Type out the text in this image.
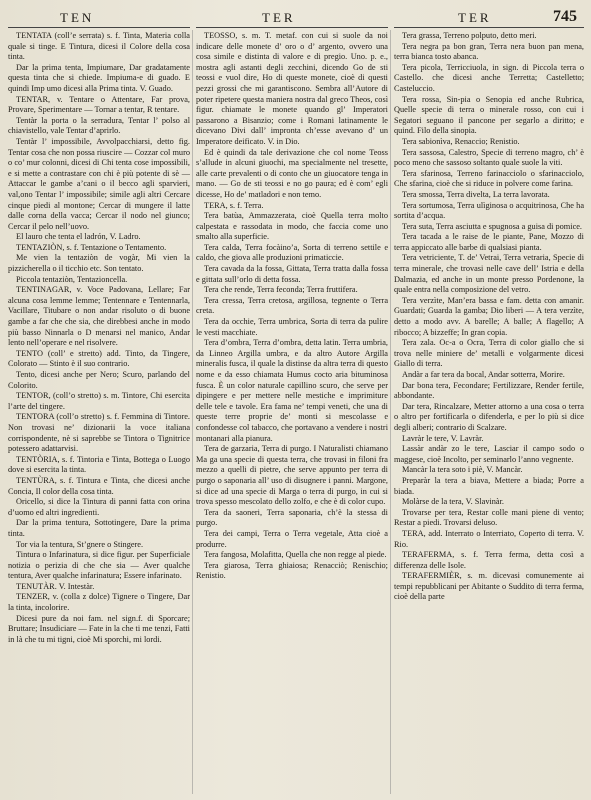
TEN	TER	TER	745

TENTATA (coll’e serrata) s. f. Tinta, Materia colla quale si tinge. E Tintura, dicesi il Colore della cosa tinta.

Dar la prima tenta, Impiumare, Dar gradatamente questa tinta che si chiede. Impiuma-e di guado. E quindi Imp umo dicesi alla Prima tinta. V. Guado.

TENTAR, v. Tentare o Attentare, Far prova, Provare, Sperimentare — Tornar a tentar, R tentare.

Tentàr la porta o la serradura, Tentar l’ polso al chiavistello, vale Tentar d’aprirlo.

Tentàr l’ impossibile, Avvolpacchiarsi, detto fig. Tentar cosa che non possa riuscire — Cozzar col muro o co’ mur colonni, dicesi di Chi tenta cose impossibili, e si mette a contrastare con chi è più potente di sè — Attaccar le gambe a’cani o il becco agli sparvieri, val,ono Tentar l’ impossibile; simile agli altri Cercare cinque piedi al montone; Cercar di mungere il latte dalle corna della vacca; Cercar il nodo nel giunco; Cercar il pelo nell’uovo.

El lauro che tenta el ladrón, V. Ladro.

TENTAZIÒN, s. f. Tentazione o Tentamento.

Me vien la tentaziòn de vogàr, Mi vien la pizzicherella o il ticchio etc. Son tentato.

Piccola tentaziòn, Tentazioncella.

TENTINAGAR, v. Voce Padovana, Lellare; Far alcuna cosa lemme lemme; Tentennare e Tentennarla, Vacillare, Titubare o non andar risoluto o di buone gambe a far che che sia, che direbbesi anche in modo più basso Ninnarla o D menarsi nel manico, Andar lento nell’operare e nel risolvere.

TENTO (coll’ e stretto) add. Tinto, da Tingere, Colorato — Stinto è il suo contrario.

Tento, dicesi anche per Nero; Scuro, parlando del Colorito.

TENTOR, (coll’o stretto) s. m. Tintore, Chi esercita l’arte del tingere.

TENTORA (coll’o stretto) s. f. Femmina di Tintore. Non trovasi ne’ dizionarii la voce italiana corrispondente, nè si saprebbe se Tintora o Tignitrice potessero adattarvisi.

TENTÒRIA, s. f. Tintoria e Tinta, Bottega o Luogo dove si esercita la tinta.

TENTÙRA, s. f. Tintura e Tinta, che dicesi anche Concia, Il color della cosa tinta.

Oricello, si dice la Tintura di panni fatta con orina d’uomo ed altri ingredienti.

Dar la prima tentura, Sottotingere, Dare la prima tinta.

Tor via la tentura, St’gnere o Stingere.

Tintura o Infarinatura, si dice figur. per Superficiale notizia o perizia di che che sia — Aver qualche tentura, Aver qualche infarinatura; Essere infarinato.

TENUTÀR. V. Intestàr.

TENZER, v. (colla z dolce) Tignere o Tingere, Dar la tinta, incolorire.

Dicesi pure da noi fam. nel sign.f. di Sporcare; Bruttare; Insudiciare — Fate in la che ti me tenzi, Fatti in là che tu mi tigni, cioè Mi sporchi, mi lordi.

TEOSSO, s. m. T. metaf. con cui si suole da noi indicare delle monete d’ oro o d’ argento, ovvero una cosa simile e distinta di valore e di pregio. Uno. p. e., mostra agli astanti degli zecchini, dicendo Go de sti teossi e vuol dire, Ho di queste monete, cioè di questi pezzi grossi che mi garantiscono. Sembra all’Autore di poter ripetere questa maniera nostra dal greco Theos, così figur. chiamate le monete quando gl’ Imperatori passarono a Bisanzio; come i Romani latinamente le dicevano Divi dall’ impronta ch’esse avevano d’ un Imperatore deificato. V. in Dio.

Ed è quindi da tale derivazione che col nome Teoss s’allude in alcuni giuochi, ma specialmente nel tresette, alle carte prevalenti o di conto che un giuocatore tenga in mano. — Go de sti teossi e no go paura; ed è com’ egli dicesse, Ho de’ matladori e non temo.

TERA, s. f. Terra.

Tera batùa, Ammazzerata, cioè Quella terra molto calpestata e rassodata in modo, che faccia come uno smalto alla superficie.

Tera calda, Terra focàino’a, Sorta di terreno settile e caldo, che giova alle produzioni primaticcie.

Tera cavada da la fossa, Gittata, Terra tratta dalla fossa e gittata sull’orlo di detta fossa.

Tera che rende, Terra feconda; Terra fruttifera.

Tera cressa, Terra cretosa, argillosa, tegnente o Terra creta.

Tera da occhie, Terra umbrica, Sorta di terra da pulire le vesti macchiate.

Tera d’ombra, Terra d’ombra, detta latin. Terra umbria, da Linneo Argilla umbra, e da altro Autore Argilla mineralis fusca, il quale la distinse da altra terra di questo nome e da esso chiamata Humus cocto aria bituminosa fusca. È un color naturale capillino scuro, che serve per dipingere e per mettere nelle mestiche e imprimiture delle tele e tavole. Era fama ne’ tempi veneti, che una di queste terre proprie de’ monti si mescolasse e confondesse col tabacco, che portavano a vendere i nostri montanari alla pianura.

Tera de garzaria, Terra di purgo. I Naturalisti chiamano Ma ga una specie di questa terra, che trovasi in filoni fra mezzo a quelli di pietre, che serve appunto per terra di purgo o saponaria all’ uso di disugnere i panni. Margone, si dice ad una specie di Marga o terra di purgo, in cui si trova spesso mescolato dello zolfo, e che è di color cupo.

Tera da saoneri, Terra saponaria, ch’è la stessa di purgo.

Tera dei campi, Terra o Terra vegetale, Atta cioè a produrre.

Tera fangosa, Molafitta, Quella che non regge al piede.

Tera giarosa, Terra ghiaiosa; Renacciò; Renischio; Renistio.

Tera grassa, Terreno polputo, detto meri.

Tera negra pa bon gran, Terra nera buon pan mena, terra bianca tosto abanca.

Tera picola, Terricciuola, in sign. di Piccola terra o Castello. che dicesi anche Terretta; Castelletto; Casteluccio.

Tera rossa, Sin-pia o Senopia ed anche Rubrica, Quelle specie di terra o minerale rosso, con cui i Segatori seguano il pancone per segarlo a diritto; e quind. Filo della sinopia.

Tera sabionìva, Renaccio; Renistio.

Tera sassosa, Calestro, Specie di terreno magro, ch’ è poco meno che sassoso soltanto quale suole la viti.

Tera sfarinosa, Terreno farinacciolo o sfarinacciolo, Che sfarina, cioè che si riduce in polvere come farina.

Tera smossa, Terra divelta, La terra lavorata.

Tera sortumosa, Terra ulìginosa o acquitrinosa, Che ha sortita d’acqua.

Tera suta, Terra asciutta e spugnosa a guisa di pomice.

Tera tacada a le raise de le piante, Pane, Mozzo di terra appiccato alle barbe di qualsiasi pianta.

Tera vetriciente, T. de’ Vetrai, Terra vetraria, Specie di terra minerale, che trovasi nelle cave dell’ Istria e della Dalmazia, ed anche in un monte presso Pordenone, la quale entra nella composizione del vetro.

Tera verzìte, Man’era bassa e fam. detta con amanir. Guardati; Guarda la gamba; Dio liberi — A tera verzìte, detto a modo avv. A barelle; A balle; A flagello; A ribocco; A bizzeffe; In gran copia.

Tera zala. Oc-a o Ocra, Terra di color giallo che si trova nelle miniere de’ metalli e volgarmente dicesi Giallo di terra.

Andàr a far tera da bocal, Andar sotterra, Morire.

Dar bona tera, Fecondare; Fertilizzare, Render fertile, abbondante.

Dar tera, Rincalzare, Metter attorno a una cosa o terra o altro per fortificarla o difenderla, e per lo più si dice degli alberi; contrario di Scalzare.

Lavràr le tere, V. Lavràr.

Lassàr andàr zo le tere, Lasciar il campo sodo o maggese, cioè Incolto, per seminarlo l’anno vegnente.

Mancàr la tera soto i piè, V. Mancàr.

Preparàr la tera a biava, Mettere a biada; Porre a biada.

Molàrse de la tera, V. Slavinàr.

Trovarse per tera, Restar colle mani piene di vento; Restar a piedi. Trovarsi deluso.

TERA, add. Interrato o Interriato, Coperto di terra. V. Rio.

TERAFERMA, s. f. Terra ferma, detta così a differenza delle Isole.

TERAFERMIÈR, s. m. dicevasi comunemente ai tempi repubblicani per Abitante o Suddito di terra ferma, cioè della parte
